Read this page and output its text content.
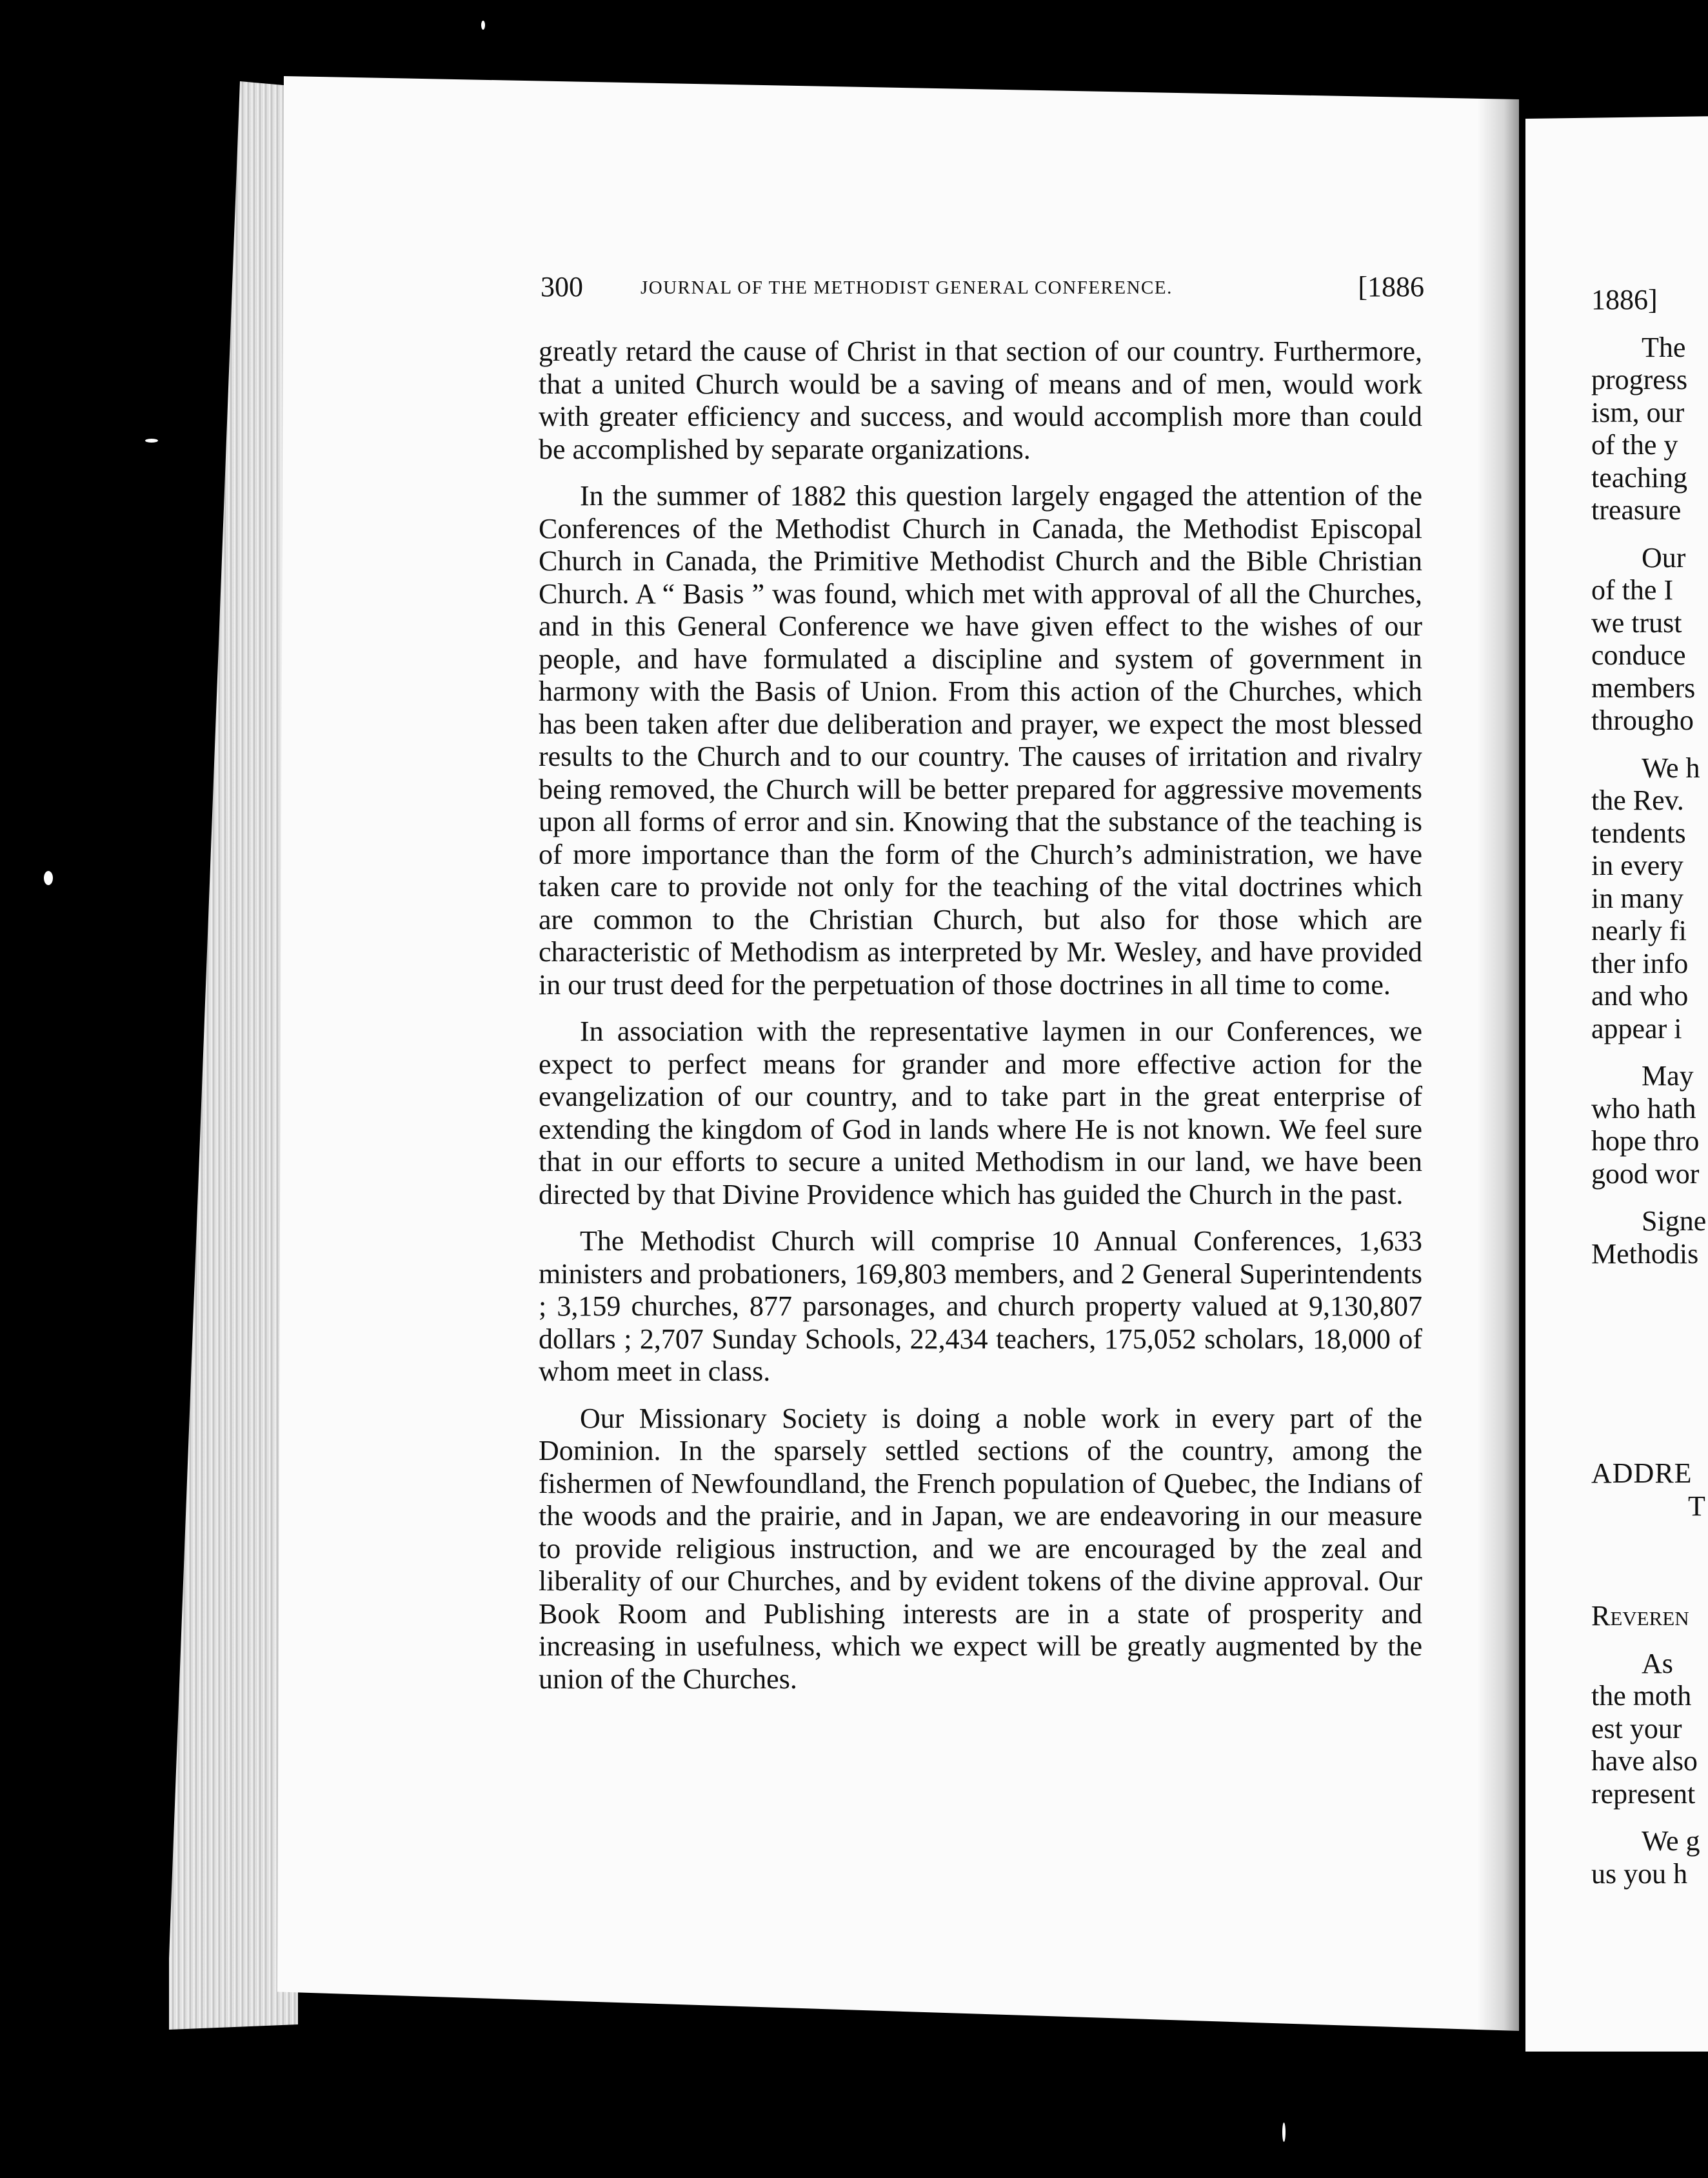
300	JOURNAL OF THE METHODIST GENERAL CONFERENCE.	[1886

greatly retard the cause of Christ in that section of our country. Furthermore, that a united Church would be a saving of means and of men, would work with greater efficiency and success, and would accomplish more than could be accomplished by separate organizations.

In the summer of 1882 this question largely engaged the attention of the Conferences of the Methodist Church in Canada, the Methodist Episcopal Church in Canada, the Primitive Methodist Church and the Bible Christian Church. A “ Basis ” was found, which met with approval of all the Churches, and in this General Conference we have given effect to the wishes of our people, and have formulated a discipline and system of government in harmony with the Basis of Union. From this action of the Churches, which has been taken after due deliberation and prayer, we expect the most blessed results to the Church and to our country. The causes of irritation and rivalry being removed, the Church will be better prepared for aggressive movements upon all forms of error and sin. Knowing that the substance of the teaching is of more importance than the form of the Church’s administration, we have taken care to provide not only for the teaching of the vital doctrines which are common to the Christian Church, but also for those which are characteristic of Methodism as interpreted by Mr. Wesley, and have provided in our trust deed for the perpetuation of those doctrines in all time to come.

In association with the representative laymen in our Conferences, we expect to perfect means for grander and more effective action for the evangelization of our country, and to take part in the great enterprise of extending the kingdom of God in lands where He is not known. We feel sure that in our efforts to secure a united Methodism in our land, we have been directed by that Divine Providence which has guided the Church in the past.

The Methodist Church will comprise 10 Annual Conferences, 1,633 ministers and probationers, 169,803 members, and 2 General Superintendents ; 3,159 churches, 877 parsonages, and church property valued at 9,130,807 dollars ; 2,707 Sunday Schools, 22,434 teachers, 175,052 scholars, 18,000 of whom meet in class.

Our Missionary Society is doing a noble work in every part of the Dominion. In the sparsely settled sections of the country, among the fishermen of Newfoundland, the French population of Quebec, the Indians of the woods and the prairie, and in Japan, we are endeavoring in our measure to provide religious instruction, and we are encouraged by the zeal and liberality of our Churches, and by evident tokens of the divine approval. Our Book Room and Publishing interests are in a state of prosperity and increasing in usefulness, which we expect will be greatly augmented by the union of the Churches.

1886]
The
progress
ism, our
of the y
teaching
treasure
Our
of the I
we trust
conduce
members
througho
We h
the Rev.
tendents
in every
in many
nearly fi
ther info
and who
appear i
May
who hath
hope thro
good wor
Signe
Methodis
ADDRE
T
Reveren
As
the moth
est your
have also
represent
We g
us you h
